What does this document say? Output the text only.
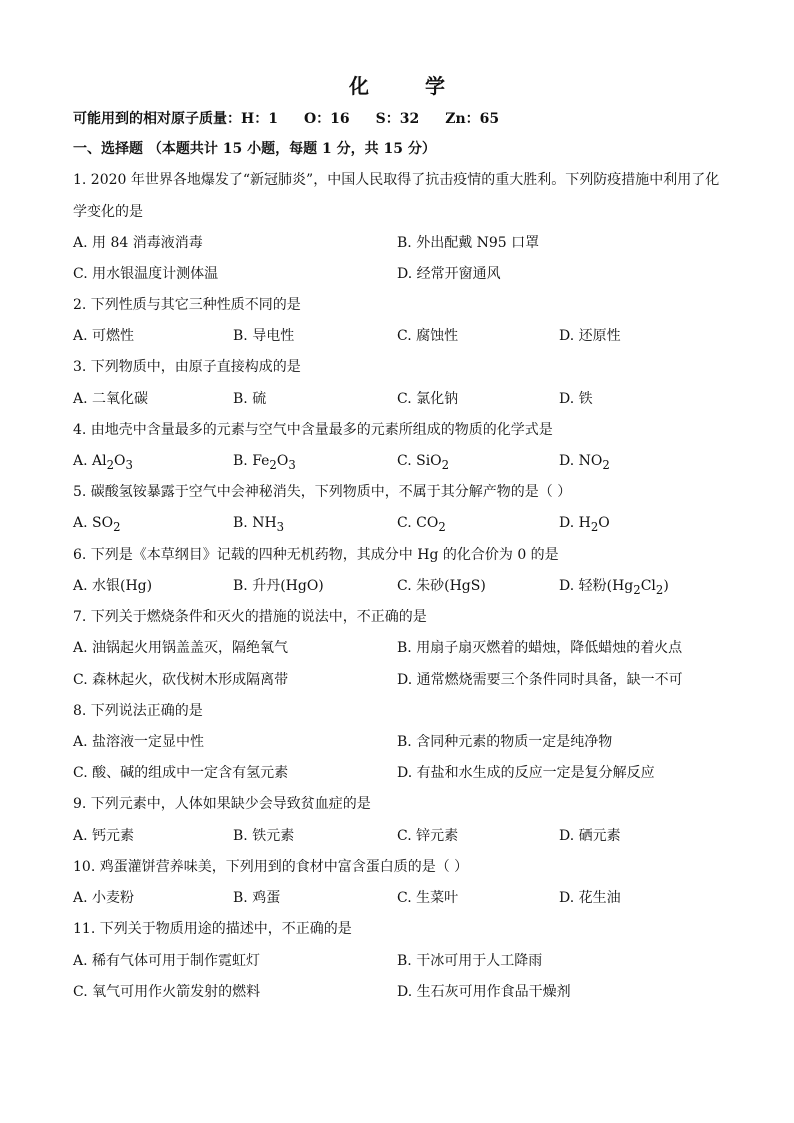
化	学
可能用到的相对原子质量：H：1 O：16 S：32 Zn：65
一、选择题 （本题共计 15 小题，每题 1 分，共 15 分）
1. 2020 年世界各地爆发了“新冠肺炎”，中国人民取得了抗击疫情的重大胜利。下列防疫措施中利用了化
学变化的是
A. 用 84 消毒液消毒	B. 外出配戴 N95 口罩
C. 用水银温度计测体温	D. 经常开窗通风
2. 下列性质与其它三种性质不同的是
A. 可燃性	B. 导电性	C. 腐蚀性	D. 还原性
3. 下列物质中，由原子直接构成的是
A. 二氧化碳	B. 硫	C. 氯化钠	D. 铁
4. 由地壳中含量最多的元素与空气中含量最多的元素所组成的物质的化学式是
A. $Al_2O_3$	B. $Fe_2O_3$	C. SiO$_2$	D. $NO_2$
5. 碳酸氢铵暴露于空气中会神秘消失，下列物质中，不属于其分解产物的是（ ）
A. $SO_2$	B. $NH_3$	C. $CO_2$	D. $H_2O$
6. 下列是《本草纲目》记载的四种无机药物，其成分中 Hg 的化合价为 0 的是
A. 水银(Hg)	B. 升丹(HgO)	C. 朱砂(HgS)	D. 轻粉$(Hg_2Cl_2)$
7. 下列关于燃烧条件和灭火的措施的说法中，不正确的是
A. 油锅起火用锅盖盖灭，隔绝氧气	B. 用扇子扇灭燃着的蜡烛，降低蜡烛的着火点
C. 森林起火，砍伐树木形成隔离带	D. 通常燃烧需要三个条件同时具备，缺一不可
8. 下列说法正确的是
A. 盐溶液一定显中性	B. 含同种元素的物质一定是纯净物
C. 酸、碱的组成中一定含有氢元素	D. 有盐和水生成的反应一定是复分解反应
9. 下列元素中，人体如果缺少会导致贫血症的是
A. 钙元素	B. 铁元素	C. 锌元素	D. 硒元素
10. 鸡蛋灌饼营养味美，下列用到的食材中富含蛋白质的是（ ）
A. 小麦粉	B. 鸡蛋	C. 生菜叶	D. 花生油
11. 下列关于物质用途的描述中，不正确的是
A. 稀有气体可用于制作霓虹灯	B. 干冰可用于人工降雨
C. 氧气可用作火箭发射的燃料	D. 生石灰可用作食品干燥剂
